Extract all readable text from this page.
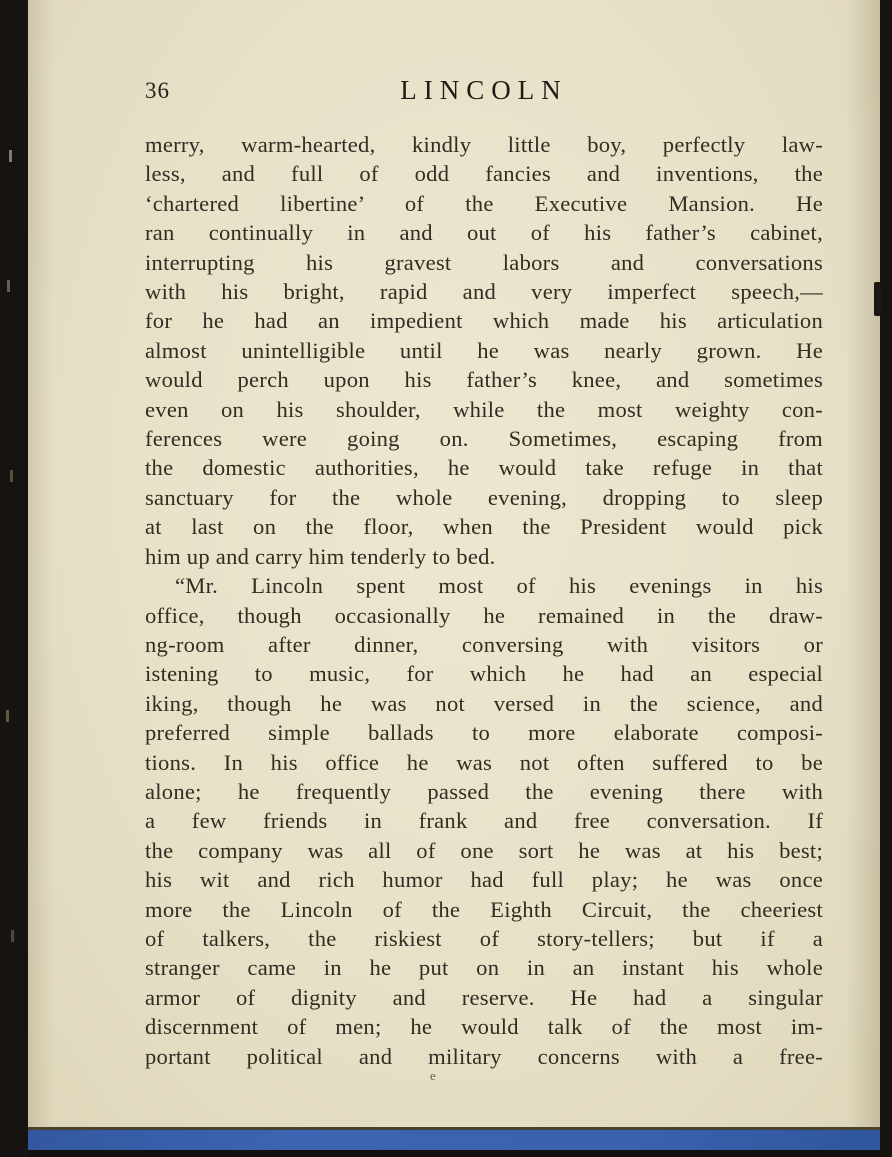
36	LINCOLN
merry, warm-hearted, kindly little boy, perfectly law-
less, and full of odd fancies and inventions, the
‘chartered libertine’ of the Executive Mansion. He
ran continually in and out of his father’s cabinet,
interrupting his gravest labors and conversations
with his bright, rapid and very imperfect speech,—
for he had an impedient which made his articulation
almost unintelligible until he was nearly grown. He
would perch upon his father’s knee, and sometimes
even on his shoulder, while the most weighty con-
ferences were going on. Sometimes, escaping from
the domestic authorities, he would take refuge in that
sanctuary for the whole evening, dropping to sleep
at last on the floor, when the President would pick
him up and carry him tenderly to bed.
“Mr. Lincoln spent most of his evenings in his
office, though occasionally he remained in the draw-
ng-room after dinner, conversing with visitors or
istening to music, for which he had an especial
iking, though he was not versed in the science, and
preferred simple ballads to more elaborate composi-
tions. In his office he was not often suffered to be
alone; he frequently passed the evening there with
a few friends in frank and free conversation. If
the company was all of one sort he was at his best;
his wit and rich humor had full play; he was once
more the Lincoln of the Eighth Circuit, the cheeriest
of talkers, the riskiest of story-tellers; but if a
stranger came in he put on in an instant his whole
armor of dignity and reserve. He had a singular
discernment of men; he would talk of the most im-
portant political and military concerns with a free-
e
